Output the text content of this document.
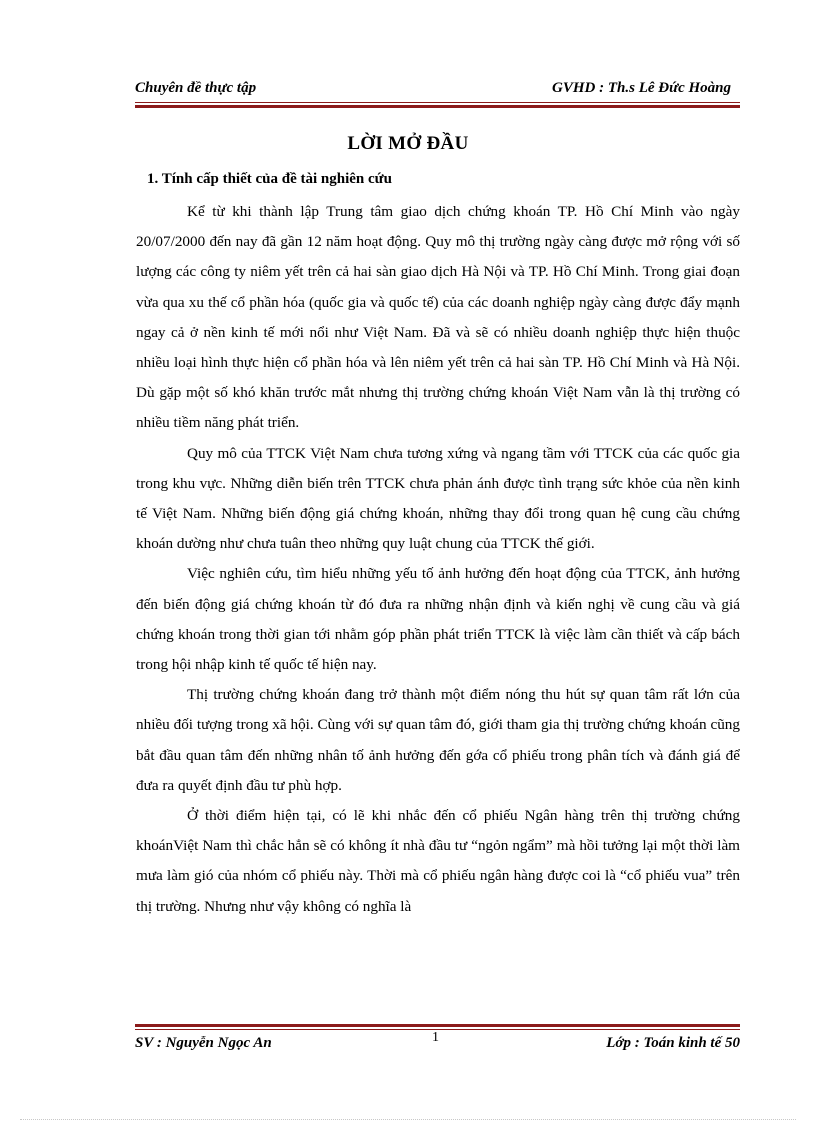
Chuyên đề thực tập	GVHD : Th.s Lê Đức Hoàng
LỜI MỞ ĐẦU
1. Tính cấp thiết của đề tài nghiên cứu

Kể từ khi thành lập Trung tâm giao dịch chứng khoán TP. Hồ Chí Minh vào ngày 20/07/2000 đến nay đã gần 12 năm hoạt động. Quy mô thị trường ngày càng được mở rộng với số lượng các công ty niêm yết trên cả hai sàn giao dịch Hà Nội và TP. Hồ Chí Minh. Trong giai đoạn vừa qua xu thế cổ phần hóa (quốc gia và quốc tế) của các doanh nghiệp ngày càng được đẩy mạnh ngay cả ở nền kinh tế mới nổi như Việt Nam. Đã và sẽ có nhiều doanh nghiệp thực hiện thuộc nhiều loại hình thực hiện cổ phần hóa và lên niêm yết trên cả hai sàn TP. Hồ Chí Minh và Hà Nội. Dù gặp một số khó khăn trước mắt nhưng thị trường chứng khoán Việt Nam vẫn là thị trường có nhiều tiềm năng phát triển.

Quy mô của TTCK Việt Nam chưa tương xứng và ngang tầm với TTCK của các quốc gia trong khu vực. Những diễn biến trên TTCK chưa phản ánh được tình trạng sức khỏe của nền kinh tế Việt Nam. Những biến động giá chứng khoán, những thay đổi trong quan hệ cung cầu chứng khoán dường như chưa tuân theo những quy luật chung của TTCK thế giới.

Việc nghiên cứu, tìm hiểu những yếu tố ảnh hưởng đến hoạt động của TTCK, ảnh hưởng đến biến động giá chứng khoán từ đó đưa ra những nhận định và kiến nghị về cung cầu và giá chứng khoán trong thời gian tới nhằm góp phần phát triển TTCK là việc làm cần thiết và cấp bách trong hội nhập kinh tế quốc tế hiện nay.

Thị trường chứng khoán đang trở thành một điểm nóng thu hút sự quan tâm rất lớn của nhiều đối tượng trong xã hội. Cùng với sự quan tâm đó, giới tham gia thị trường chứng khoán cũng bắt đầu quan tâm đến những nhân tố ảnh hưởng đến gớa cổ phiếu trong phân tích và đánh giá để đưa ra quyết định đầu tư phù hợp.

Ở thời điểm hiện tại, có lẽ khi nhắc đến cổ phiếu Ngân hàng trên thị trường chứng khoánViệt Nam thì chắc hẳn sẽ có không ít nhà đầu tư “ngỏn ngẩm” mà hồi tưởng lại một thời làm mưa làm gió của nhóm cổ phiếu này. Thời mà cổ phiếu ngân hàng được coi là “cổ phiếu vua” trên thị trường. Nhưng như vậy không có nghĩa là

1
SV : Nguyễn Ngọc An	Lớp : Toán kinh tế 50
